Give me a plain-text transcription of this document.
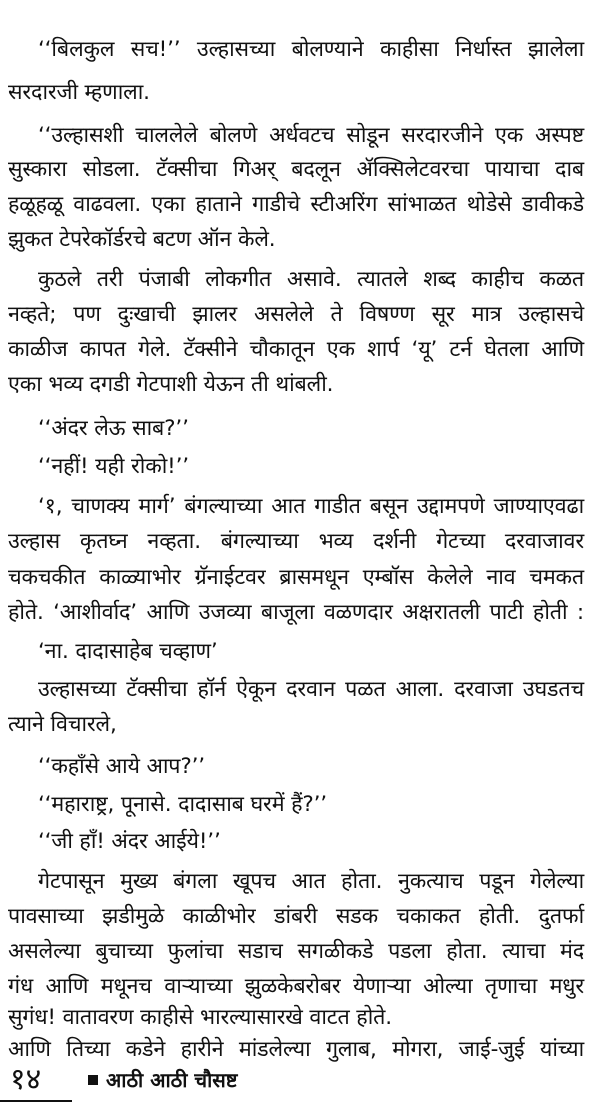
‘‘बिलकुल सच!’’ उल्हासच्या बोलण्याने काहीसा निर्धास्त झालेला
सरदारजी म्हणाला.
‘‘उल्हासशी चाललेले बोलणे अर्धवटच सोडून सरदारजीने एक अस्पष्ट
सुस्कारा सोडला. टॅक्सीचा गिअर् बदलून ॲक्सिलेटवरचा पायाचा दाब
हळूहळू वाढवला. एका हाताने गाडीचे स्टीअरिंग सांभाळत थोडेसे डावीकडे
झुकत टेपरेकॉर्डरचे बटण ऑन केले.
कुठले तरी पंजाबी लोकगीत असावे. त्यातले शब्द काहीच कळत
नव्हते; पण दुःखाची झालर असलेले ते विषण्ण सूर मात्र उल्हासचे
काळीज कापत गेले. टॅक्सीने चौकातून एक शार्प ‘यू’ टर्न घेतला आणि
एका भव्य दगडी गेटपाशी येऊन ती थांबली.
‘‘अंदर लेऊ साब?’’
‘‘नहीं! यही रोको!’’
‘१, चाणक्य मार्ग’ बंगल्याच्या आत गाडीत बसून उद्दामपणे जाण्याएवढा
उल्हास कृतघ्न नव्हता. बंगल्याच्या भव्य दर्शनी गेटच्या दरवाजावर
चकचकीत काळ्याभोर ग्रॅनाईटवर ब्रासमधून एम्बॉस केलेले नाव चमकत
होते. ‘आशीर्वाद’ आणि उजव्या बाजूला वळणदार अक्षरातली पाटी होती :
‘ना. दादासाहेब चव्हाण’
उल्हासच्या टॅक्सीचा हॉर्न ऐकून दरवान पळत आला. दरवाजा उघडतच
त्याने विचारले,
‘‘कहाँसे आये आप?’’
‘‘महाराष्ट्र, पूनासे. दादासाब घरमें हैं?’’
‘‘जी हाँ! अंदर आईये!’’
गेटपासून मुख्य बंगला खूपच आत होता. नुकत्याच पडून गेलेल्या
पावसाच्या झडीमुळे काळीभोर डांबरी सडक चकाकत होती. दुतर्फा
असलेल्या बुचाच्या फुलांचा सडाच सगळीकडे पडला होता. त्याचा मंद
गंध आणि मधूनच वाऱ्याच्या झुळकेबरोबर येणाऱ्या ओल्या तृणाचा मधुर
सुगंध! वातावरण काहीसे भारल्यासारखे वाटत होते.
आणि तिच्या कडेने हारीने मांडलेल्या गुलाब, मोगरा, जाई-जुई यांच्या
१४	आठी आठी चौसष्ट
